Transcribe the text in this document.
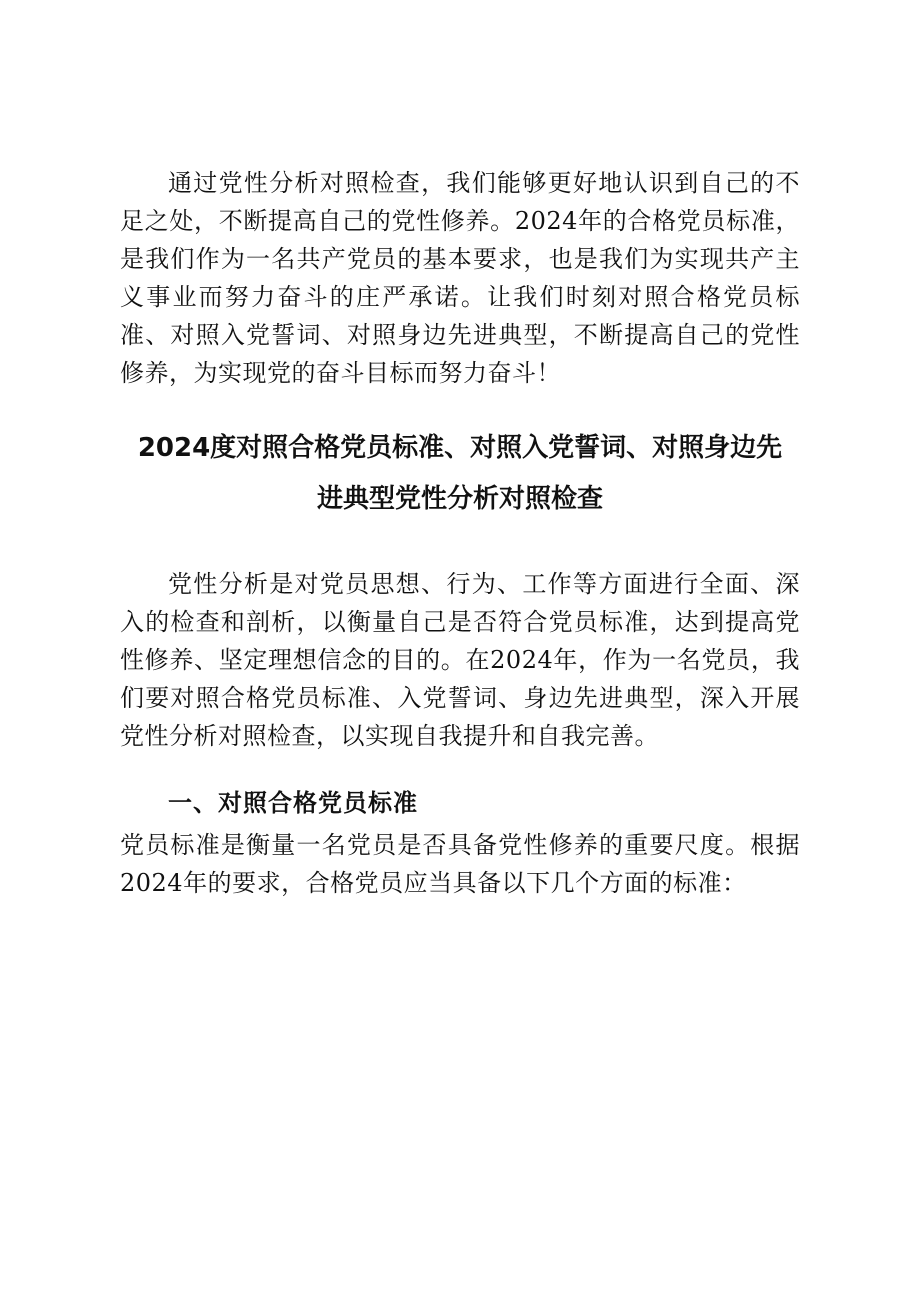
通过党性分析对照检查，我们能够更好地认识到自己的不足之处，不断提高自己的党性修养。2024年的合格党员标准，是我们作为一名共产党员的基本要求，也是我们为实现共产主义事业而努力奋斗的庄严承诺。让我们时刻对照合格党员标准、对照入党誓词、对照身边先进典型，不断提高自己的党性修养，为实现党的奋斗目标而努力奋斗！

2024度对照合格党员标准、对照入党誓词、对照身边先
进典型党性分析对照检查

党性分析是对党员思想、行为、工作等方面进行全面、深入的检查和剖析，以衡量自己是否符合党员标准，达到提高党性修养、坚定理想信念的目的。在2024年，作为一名党员，我们要对照合格党员标准、入党誓词、身边先进典型，深入开展党性分析对照检查，以实现自我提升和自我完善。

一、对照合格党员标准

党员标准是衡量一名党员是否具备党性修养的重要尺度。根据2024年的要求，合格党员应当具备以下几个方面的标准：
